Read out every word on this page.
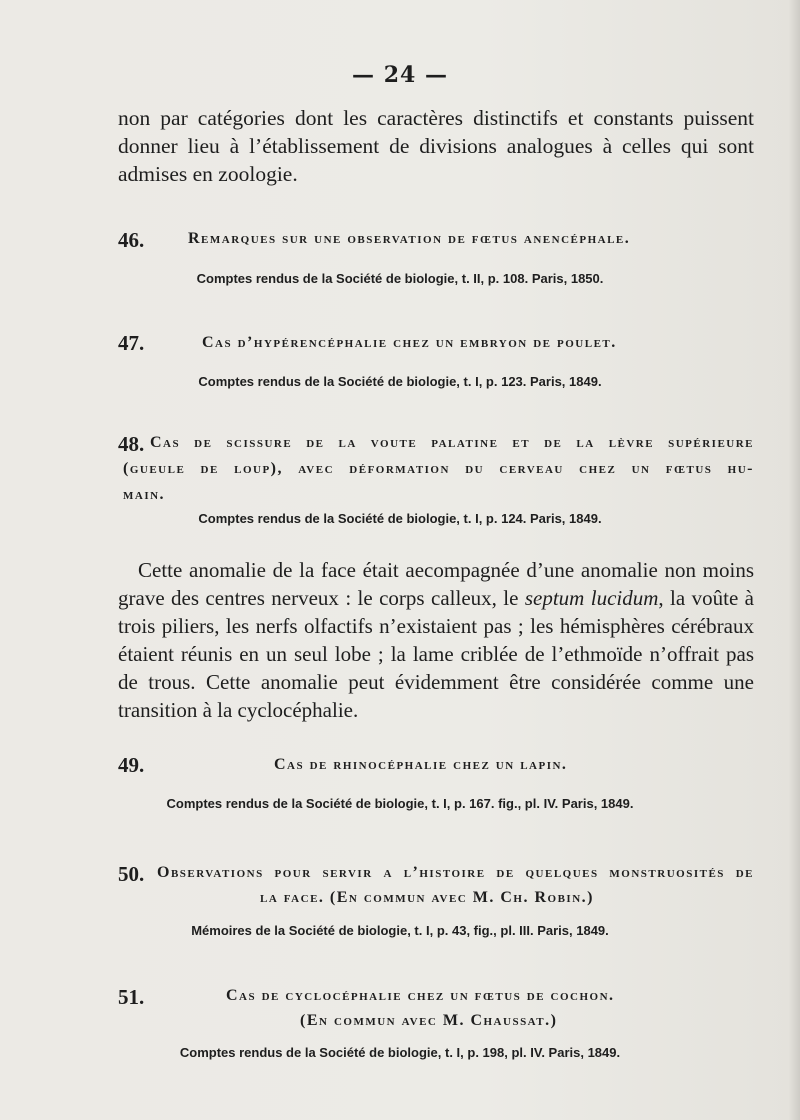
— 24 —
non par catégories dont les caractères distinctifs et constants puissent
donner lieu à l’établissement de divisions analogues à celles qui sont
admises en zoologie.
46.	Remarques sur une observation de fœtus anencéphale.
Comptes rendus de la Société de biologie, t. II, p. 108. Paris, 1850.
47.	Cas d’hypérencéphalie chez un embryon de poulet.
Comptes rendus de la Société de biologie, t. I, p. 123. Paris, 1849.
48. Cas de scissure de la voute palatine et de la lèvre supérieure
(gueule de loup), avec déformation du cerveau chez un fœtus hu-
main.
Comptes rendus de la Société de biologie, t. I, p. 124. Paris, 1849.
Cette anomalie de la face était aecompagnée d’une anomalie non moins
grave des centres nerveux : le corps calleux, le septum lucidum, la voûte à
trois piliers, les nerfs olfactifs n’existaient pas ; les hémisphères cérébraux
étaient réunis en un seul lobe ; la lame criblée de l’ethmoïde n’offrait pas
de trous. Cette anomalie peut évidemment être considérée comme une
transition à la cyclocéphalie.
49.	Cas de rhinocéphalie chez un lapin.
Comptes rendus de la Société de biologie, t. I, p. 167. fig., pl. IV. Paris, 1849.
50. Observations pour servir a l’histoire de quelques monstruosités de
la face. (En commun avec M. Ch. Robin.)
Mémoires de la Société de biologie, t. I, p. 43, fig., pl. III. Paris, 1849.
51.	Cas de cyclocéphalie chez un fœtus de cochon.
(En commun avec M. Chaussat.)
Comptes rendus de la Société de biologie, t. I, p. 198, pl. IV. Paris, 1849.
